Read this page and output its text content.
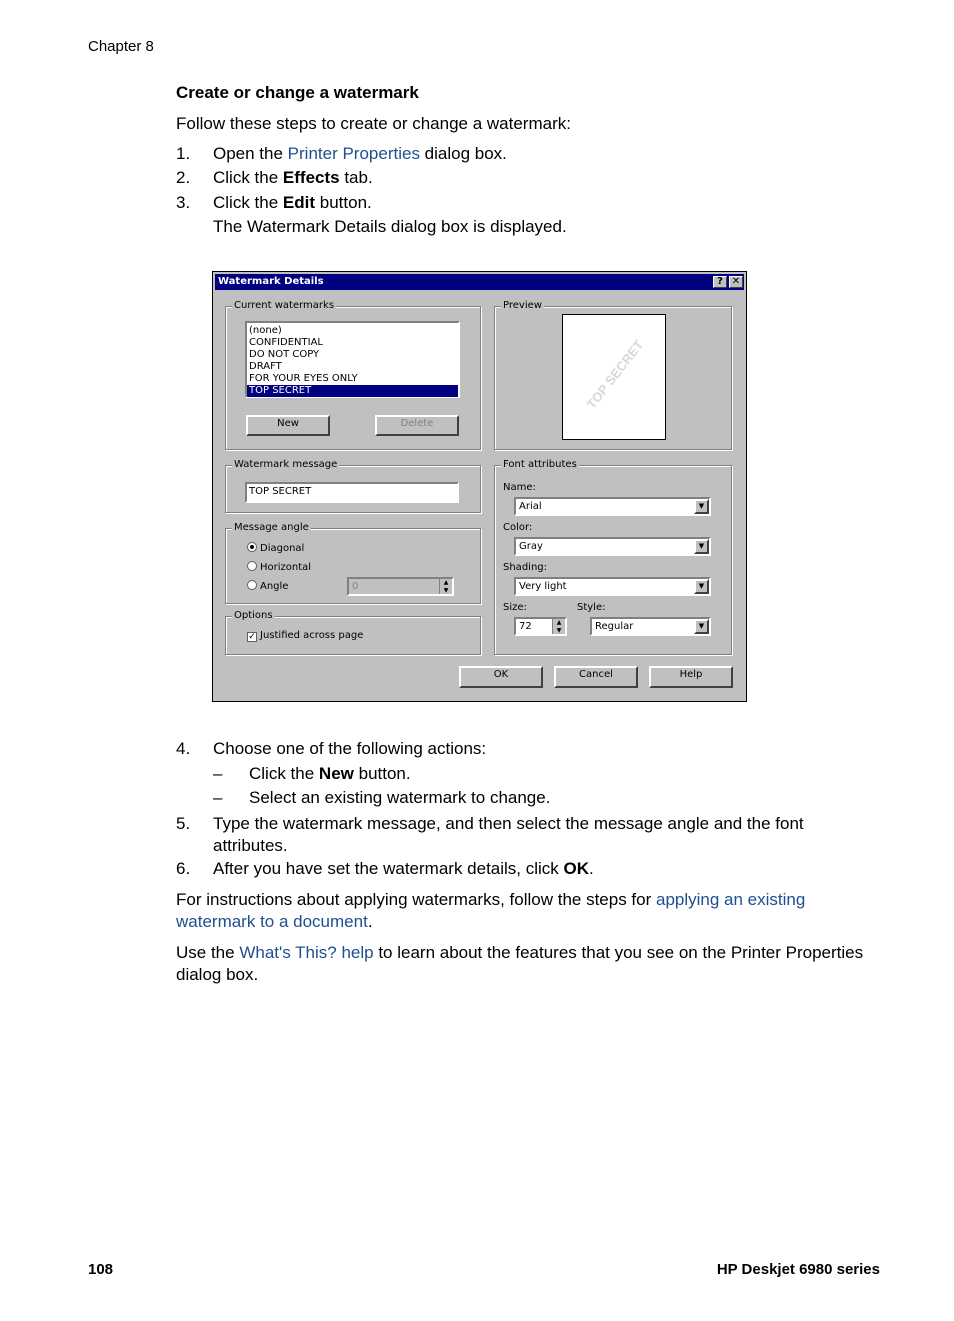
Chapter 8
Create or change a watermark
Follow these steps to create or change a watermark:
1. Open the Printer Properties dialog box.
2. Click the Effects tab.
3. Click the Edit button.
The Watermark Details dialog box is displayed.
Watermark Details	? ✕
Current watermarks
(none)
CONFIDENTIAL
DO NOT COPY
DRAFT
FOR YOUR EYES ONLY
TOP SECRET
New	Delete
Preview
TOP SECRET
Watermark message
TOP SECRET
Message angle
Diagonal
Horizontal
Angle	0	▲
▼
Options
✓ Justified across page
Font attributes
Name:
Arial	▼
Color:
Gray	▼
Shading:
Very light	▼
Size:
72	▲
▼
Style:
Regular	▼
OK	Cancel	Help
4. Choose one of the following actions:
– Click the New button.
– Select an existing watermark to change.
5. Type the watermark message, and then select the message angle and the font attributes.
6. After you have set the watermark details, click OK.
For instructions about applying watermarks, follow the steps for applying an existing watermark to a document.
Use the What's This? help to learn about the features that you see on the Printer Properties dialog box.
108	HP Deskjet 6980 series
